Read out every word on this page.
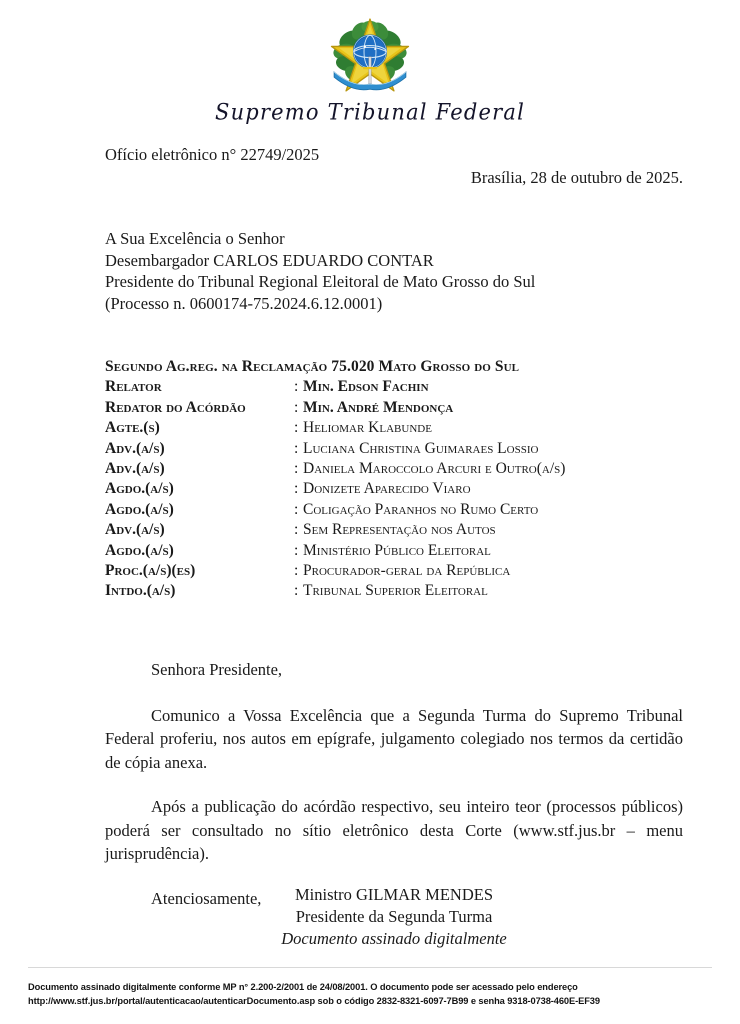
Supremo Tribunal Federal
Ofício eletrônico n° 22749/2025
Brasília, 28 de outubro de 2025.
A Sua Excelência o Senhor
Desembargador CARLOS EDUARDO CONTAR
Presidente do Tribunal Regional Eleitoral de Mato Grosso do Sul
(Processo n. 0600174-75.2024.6.12.0001)
Segundo Ag.reg. na Reclamação 75.020 Mato Grosso do Sul
Relator	: Min. Edson Fachin
Redator do Acórdão	: Min. André Mendonça
Agte.(s)	: Heliomar Klabunde
Adv.(a/s)	: Luciana Christina Guimaraes Lossio
Adv.(a/s)	: Daniela Maroccolo Arcuri e Outro(a/s)
Agdo.(a/s)	: Donizete Aparecido Viaro
Agdo.(a/s)	: Coligação Paranhos no Rumo Certo
Adv.(a/s)	: Sem Representação nos Autos
Agdo.(a/s)	: Ministério Público Eleitoral
Proc.(a/s)(es)	: Procurador-geral da República
Intdo.(a/s)	: Tribunal Superior Eleitoral
Senhora Presidente,
Comunico a Vossa Excelência que a Segunda Turma do Supremo Tribunal Federal proferiu, nos autos em epígrafe, julgamento colegiado nos termos da certidão de cópia anexa.
Após a publicação do acórdão respectivo, seu inteiro teor (processos públicos) poderá ser consultado no sítio eletrônico desta Corte (www.stf.jus.br – menu jurisprudência).
Atenciosamente,	Ministro GILMAR MENDES
Presidente da Segunda Turma
Documento assinado digitalmente
Documento assinado digitalmente conforme MP n° 2.200-2/2001 de 24/08/2001. O documento pode ser acessado pelo endereço
http://www.stf.jus.br/portal/autenticacao/autenticarDocumento.asp sob o código 2832-8321-6097-7B99 e senha 9318-0738-460E-EF39
